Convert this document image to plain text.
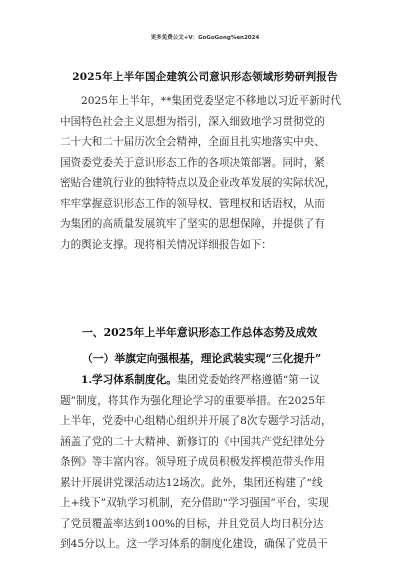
更多免费公文+V：GoGoGong%en2024
2025年上半年国企建筑公司意识形态领域形势研判报告

2025年上半年，**集团党委坚定不移地以习近平新时代
中国特色社会主义思想为指引，深入细致地学习贯彻党的
二十大和二十届历次全会精神，全面且扎实地落实中央、
国资委党委关于意识形态工作的各项决策部署。同时，紧
密贴合建筑行业的独特特点以及企业改革发展的实际状况，
牢牢掌握意识形态工作的领导权、管理权和话语权，从而
为集团的高质量发展筑牢了坚实的思想保障，并提供了有
力的舆论支撑。现将相关情况详细报告如下：

一、2025年上半年意识形态工作总体态势及成效
（一）举旗定向强根基，理论武装实现“三化提升”

1.学习体系制度化。集团党委始终严格遵循“第一议
题”制度，将其作为强化理论学习的重要举措。在2025年
上半年，党委中心组精心组织并开展了8次专题学习活动，
涵盖了党的二十大精神、新修订的《中国共产党纪律处分
条例》等丰富内容。领导班子成员积极发挥模范带头作用
累计开展讲党课活动达12场次。此外，集团还构建了“线
上+线下”双轨学习机制，充分借助“学习强国”平台，实现
了党员覆盖率达到100%的目标，并且党员人均日积分达
到45分以上。这一学习体系的制度化建设，确保了党员干
